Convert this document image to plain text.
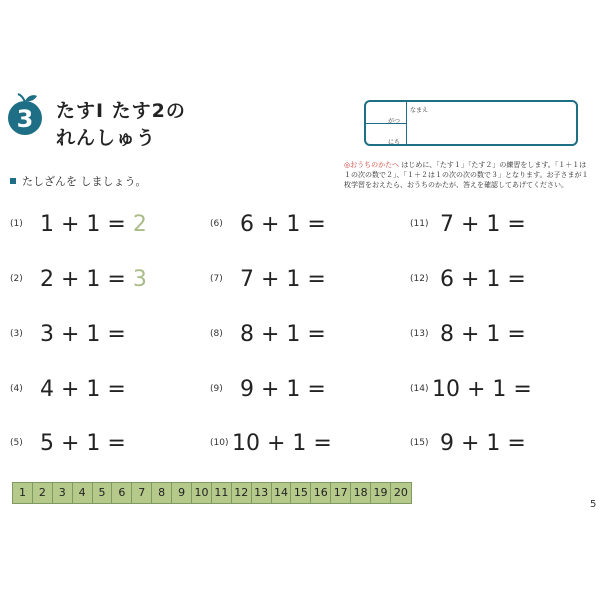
3	たすⅠ たす2の
れんしゅう
なまえ
がつ
にち
◎おうちのかたへ はじめに、「たす１」「たす２」の練習をします。「１＋１は１の次の数で２」、「１＋２は１の次の次の数で３」となります。お子さまが１枚学習をおえたら、おうちのかたが、答えを確認してあげてください。
たしざんを しましょう。
(1) 1 + 1 = 2
(2) 2 + 1 = 3
(3) 3 + 1 =
(4) 4 + 1 =
(5) 5 + 1 =
(6) 6 + 1 =
(7) 7 + 1 =
(8) 8 + 1 =
(9) 9 + 1 =
(10) 10 + 1 =
(11) 7 + 1 =
(12) 6 + 1 =
(13) 8 + 1 =
(14) 10 + 1 =
(15) 9 + 1 =
1	2	3	4	5	6	7	8	9 10 11 12 13 14 15 16 17 18 19 20
5
